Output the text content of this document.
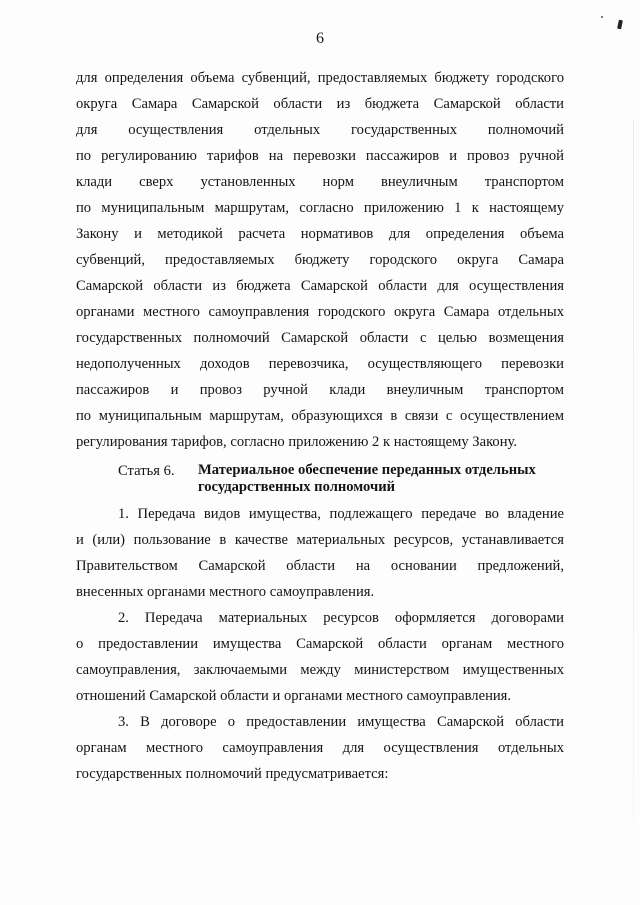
6
для определения объема субвенций, предоставляемых бюджету городского
округа Самара Самарской области из бюджета Самарской области
для осуществления отдельных государственных полномочий
по регулированию тарифов на перевозки пассажиров и провоз ручной
клади сверх установленных норм внеуличным транспортом
по муниципальным маршрутам, согласно приложению 1 к настоящему
Закону и методикой расчета нормативов для определения объема
субвенций, предоставляемых бюджету городского округа Самара
Самарской области из бюджета Самарской области для осуществления
органами местного самоуправления городского округа Самара отдельных
государственных полномочий Самарской области с целью возмещения
недополученных доходов перевозчика, осуществляющего перевозки
пассажиров и провоз ручной клади внеуличным транспортом
по муниципальным маршрутам, образующихся в связи с осуществлением
регулирования тарифов, согласно приложению 2 к настоящему Закону.
Статья 6. Материальное обеспечение переданных отдельных
государственных полномочий
1. Передача видов имущества, подлежащего передаче во владение
и (или) пользование в качестве материальных ресурсов, устанавливается
Правительством Самарской области на основании предложений,
внесенных органами местного самоуправления.
2. Передача материальных ресурсов оформляется договорами
о предоставлении имущества Самарской области органам местного
самоуправления, заключаемыми между министерством имущественных
отношений Самарской области и органами местного самоуправления.
3. В договоре о предоставлении имущества Самарской области
органам местного самоуправления для осуществления отдельных
государственных полномочий предусматривается:
